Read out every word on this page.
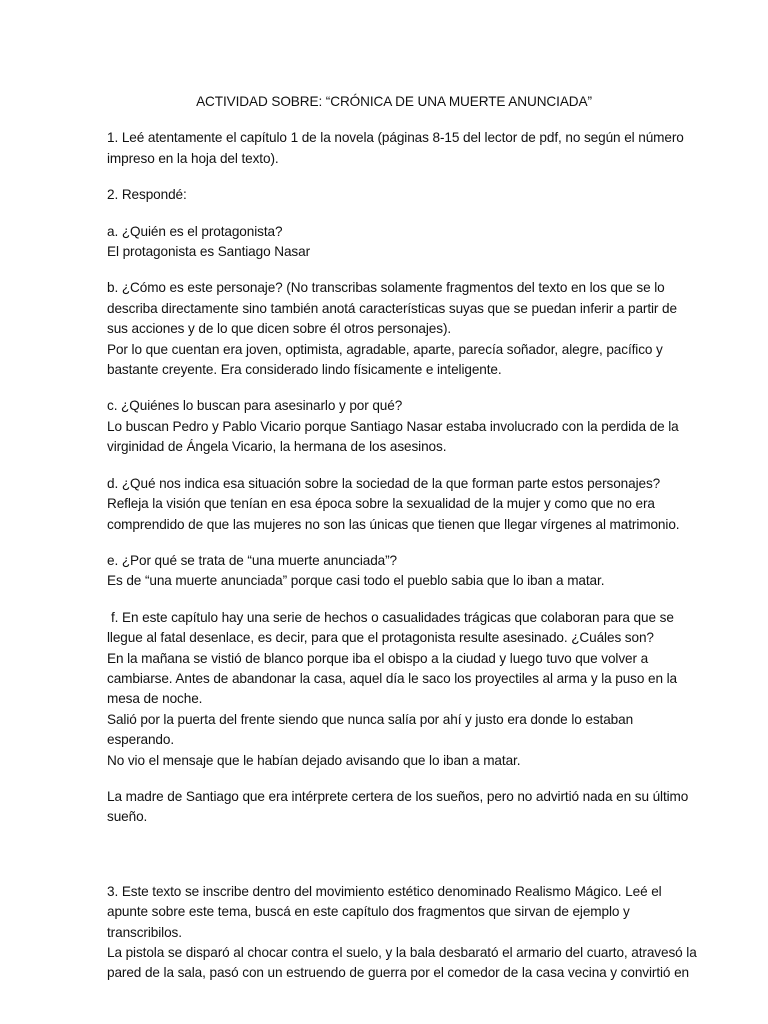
ACTIVIDAD SOBRE: “CRÓNICA DE UNA MUERTE ANUNCIADA”
1. Leé atentamente el capítulo 1 de la novela (páginas 8-15 del lector de pdf, no según el número
impreso en la hoja del texto).
2. Respondé:
a. ¿Quién es el protagonista?
El protagonista es Santiago Nasar
b. ¿Cómo es este personaje? (No transcribas solamente fragmentos del texto en los que se lo
describa directamente sino también anotá características suyas que se puedan inferir a partir de
sus acciones y de lo que dicen sobre él otros personajes).
Por lo que cuentan era joven, optimista, agradable, aparte, parecía soñador, alegre, pacífico y
bastante creyente. Era considerado lindo físicamente e inteligente.
c. ¿Quiénes lo buscan para asesinarlo y por qué?
Lo buscan Pedro y Pablo Vicario porque Santiago Nasar estaba involucrado con la perdida de la
virginidad de Ángela Vicario, la hermana de los asesinos.
d. ¿Qué nos indica esa situación sobre la sociedad de la que forman parte estos personajes?
Refleja la visión que tenían en esa época sobre la sexualidad de la mujer y como que no era
comprendido de que las mujeres no son las únicas que tienen que llegar vírgenes al matrimonio.
e. ¿Por qué se trata de “una muerte anunciada”?
Es de “una muerte anunciada” porque casi todo el pueblo sabia que lo iban a matar.
f. En este capítulo hay una serie de hechos o casualidades trágicas que colaboran para que se
llegue al fatal desenlace, es decir, para que el protagonista resulte asesinado. ¿Cuáles son?
En la mañana se vistió de blanco porque iba el obispo a la ciudad y luego tuvo que volver a
cambiarse. Antes de abandonar la casa, aquel día le saco los proyectiles al arma y la puso en la
mesa de noche.
Salió por la puerta del frente siendo que nunca salía por ahí y justo era donde lo estaban
esperando.
No vio el mensaje que le habían dejado avisando que lo iban a matar.
La madre de Santiago que era intérprete certera de los sueños, pero no advirtió nada en su último
sueño.
3. Este texto se inscribe dentro del movimiento estético denominado Realismo Mágico. Leé el
apunte sobre este tema, buscá en este capítulo dos fragmentos que sirvan de ejemplo y
transcribilos.
La pistola se disparó al chocar contra el suelo, y la bala desbarató el armario del cuarto, atravesó la
pared de la sala, pasó con un estruendo de guerra por el comedor de la casa vecina y convirtió en
